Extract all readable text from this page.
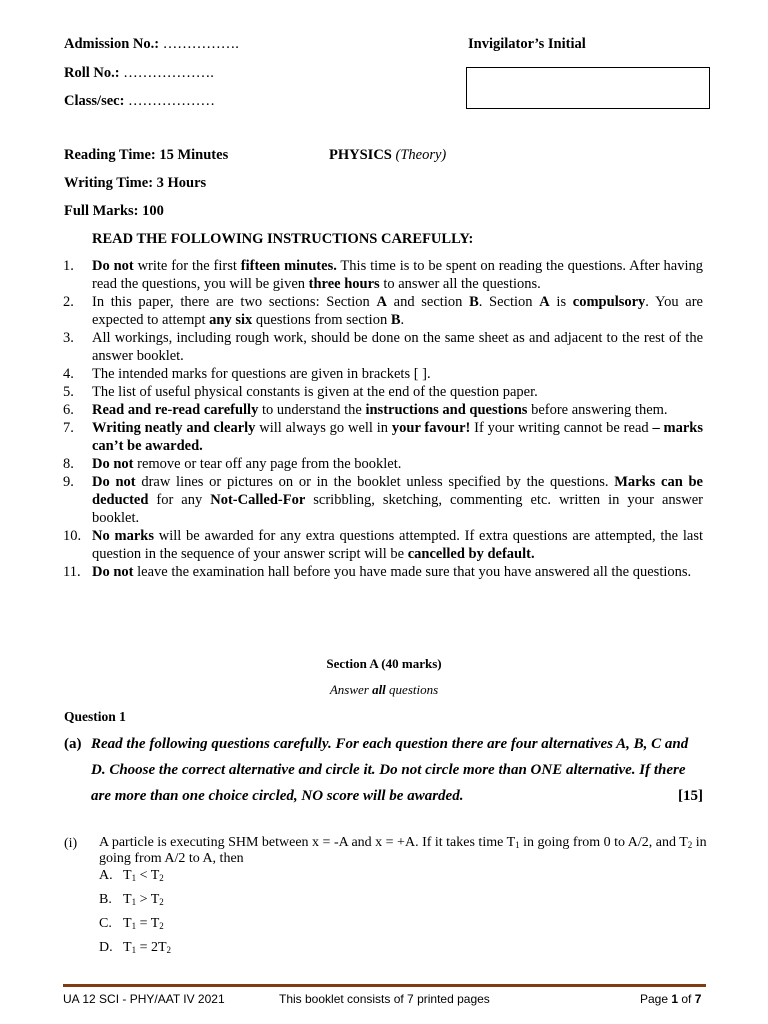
Admission No.: …………….
Roll No.: ……………….
Class/sec: ………………
Invigilator’s Initial
Reading Time: 15 Minutes	PHYSICS (Theory)
Writing Time: 3 Hours
Full Marks: 100
READ THE FOLLOWING INSTRUCTIONS CAREFULLY:
1.	Do not write for the first fifteen minutes. This time is to be spent on reading the questions. After having read the questions, you will be given three hours to answer all the questions.
2.	In this paper, there are two sections: Section A and section B. Section A is compulsory. You are expected to attempt any six questions from section B.
3.	All workings, including rough work, should be done on the same sheet as and adjacent to the rest of the answer booklet.
4.	The intended marks for questions are given in brackets [ ].
5.	The list of useful physical constants is given at the end of the question paper.
6.	Read and re-read carefully to understand the instructions and questions before answering them.
7.	Writing neatly and clearly will always go well in your favour! If your writing cannot be read – marks can’t be awarded.
8.	Do not remove or tear off any page from the booklet.
9.	Do not draw lines or pictures on or in the booklet unless specified by the questions. Marks can be deducted for any Not-Called-For scribbling, sketching, commenting etc. written in your answer booklet.
10. No marks will be awarded for any extra questions attempted. If extra questions are attempted, the last question in the sequence of your answer script will be cancelled by default.
11. Do not leave the examination hall before you have made sure that you have answered all the questions.
Section A (40 marks)
Answer all questions
Question 1
(a) Read the following questions carefully. For each question there are four alternatives A, B, C and D. Choose the correct alternative and circle it. Do not circle more than ONE alternative. If there are more than one choice circled, NO score will be awarded.	[15]
(i) A particle is executing SHM between x = -A and x = +A. If it takes time $T_1$ in going from 0 to A/2, and $T_2$ in going from A/2 to A, then
A. $T_1 < T_2$
B. $T_1 > T_2$
C. $T_1 = T_2$
D. $T_1 = 2T_2$
UA 12 SCI - PHY/AAT IV 2021	This booklet consists of 7 printed pages	Page 1 of 7
